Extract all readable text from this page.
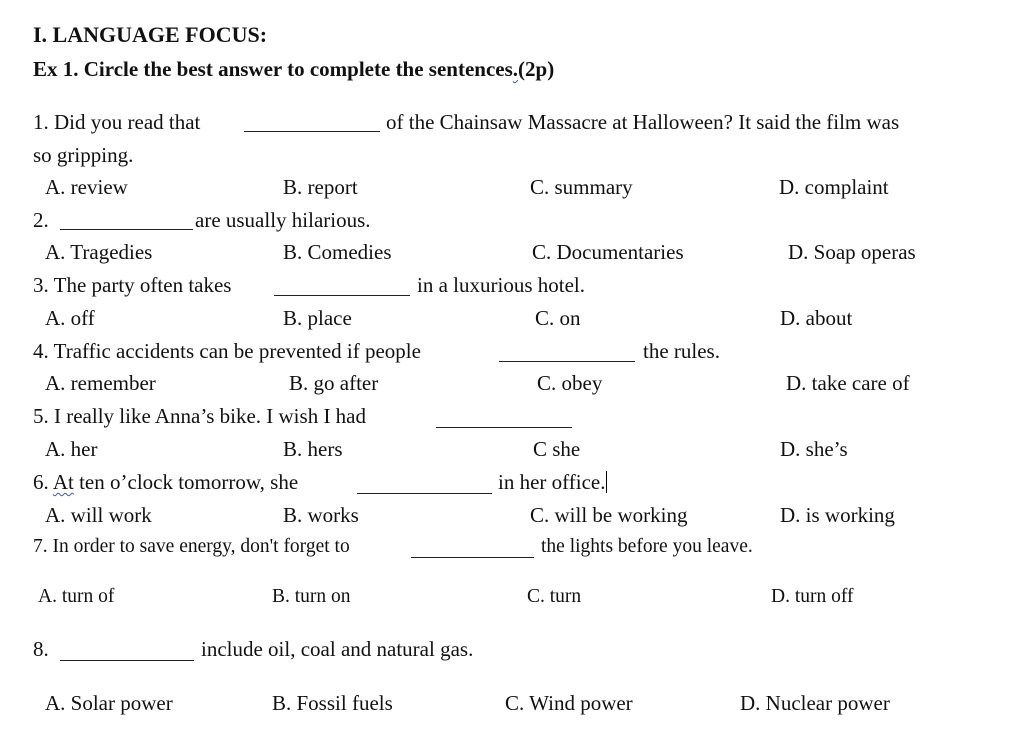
I. LANGUAGE FOCUS:
Ex 1. Circle the best answer to complete the sentences.(2p)
1. Did you read that	of the Chainsaw Massacre at Halloween? It said the film was
so gripping.
A. review	B. report	C. summary	D. complaint
2.	are usually hilarious.
A. Tragedies	B. Comedies	C. Documentaries	D. Soap operas
3. The party often takes	in a luxurious hotel.
A. off	B. place	C. on	D. about
4. Traffic accidents can be prevented if people	the rules.
A. remember	B. go after	C. obey	D. take care of
5. I really like Anna’s bike. I wish I had
A. her	B. hers	C she	D. she’s
6. At ten o’clock tomorrow, she	in her office.
A. will work	B. works	C. will be working	D. is working
7. In order to save energy, don't forget to	the lights before you leave.
A. turn of	B. turn on	C. turn	D. turn off
8.	include oil, coal and natural gas.
A. Solar power	B. Fossil fuels	C. Wind power	D. Nuclear power
